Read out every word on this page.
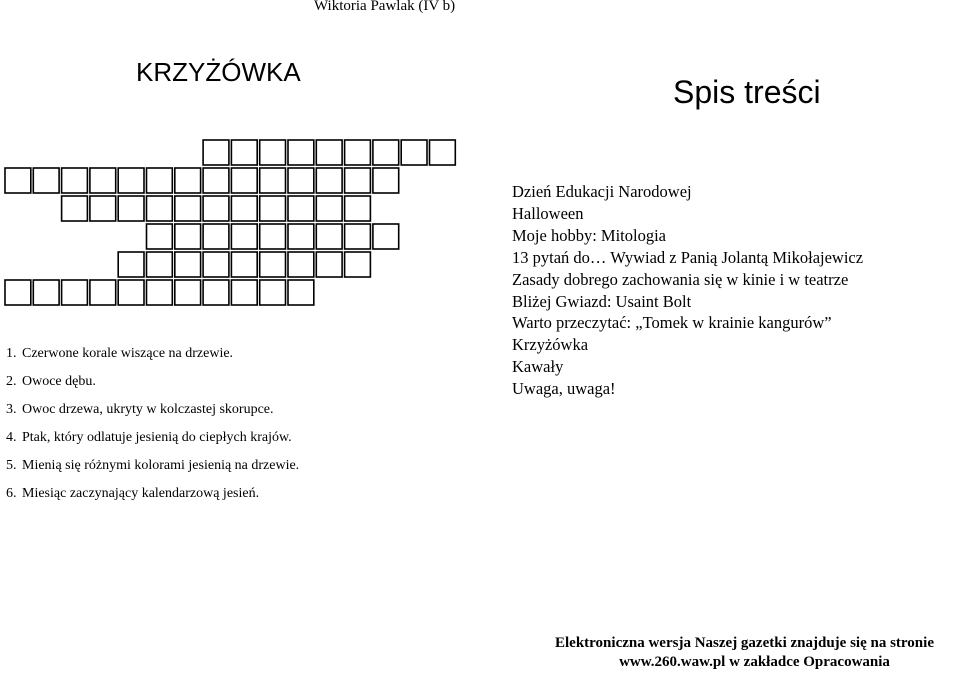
Wiktoria Pawlak (IV b)
KRZYŻÓWKA
Spis treści
1. Czerwone korale wiszące na drzewie.
2. Owoce dębu.
3. Owoc drzewa, ukryty w kolczastej skorupce.
4. Ptak, który odlatuje jesienią do ciepłych krajów.
5. Mienią się różnymi kolorami jesienią na drzewie.
6. Miesiąc zaczynający kalendarzową jesień.
Dzień Edukacji Narodowej
Halloween
Moje hobby: Mitologia
13 pytań do… Wywiad z Panią Jolantą Mikołajewicz
Zasady dobrego zachowania się w kinie i w teatrze
Bliżej Gwiazd: Usaint Bolt
Warto przeczytać: „Tomek w krainie kangurów”
Krzyżówka
Kawały
Uwaga, uwaga!
Elektroniczna wersja Naszej gazetki znajduje się na stronie
www.260.waw.pl w zakładce Opracowania
